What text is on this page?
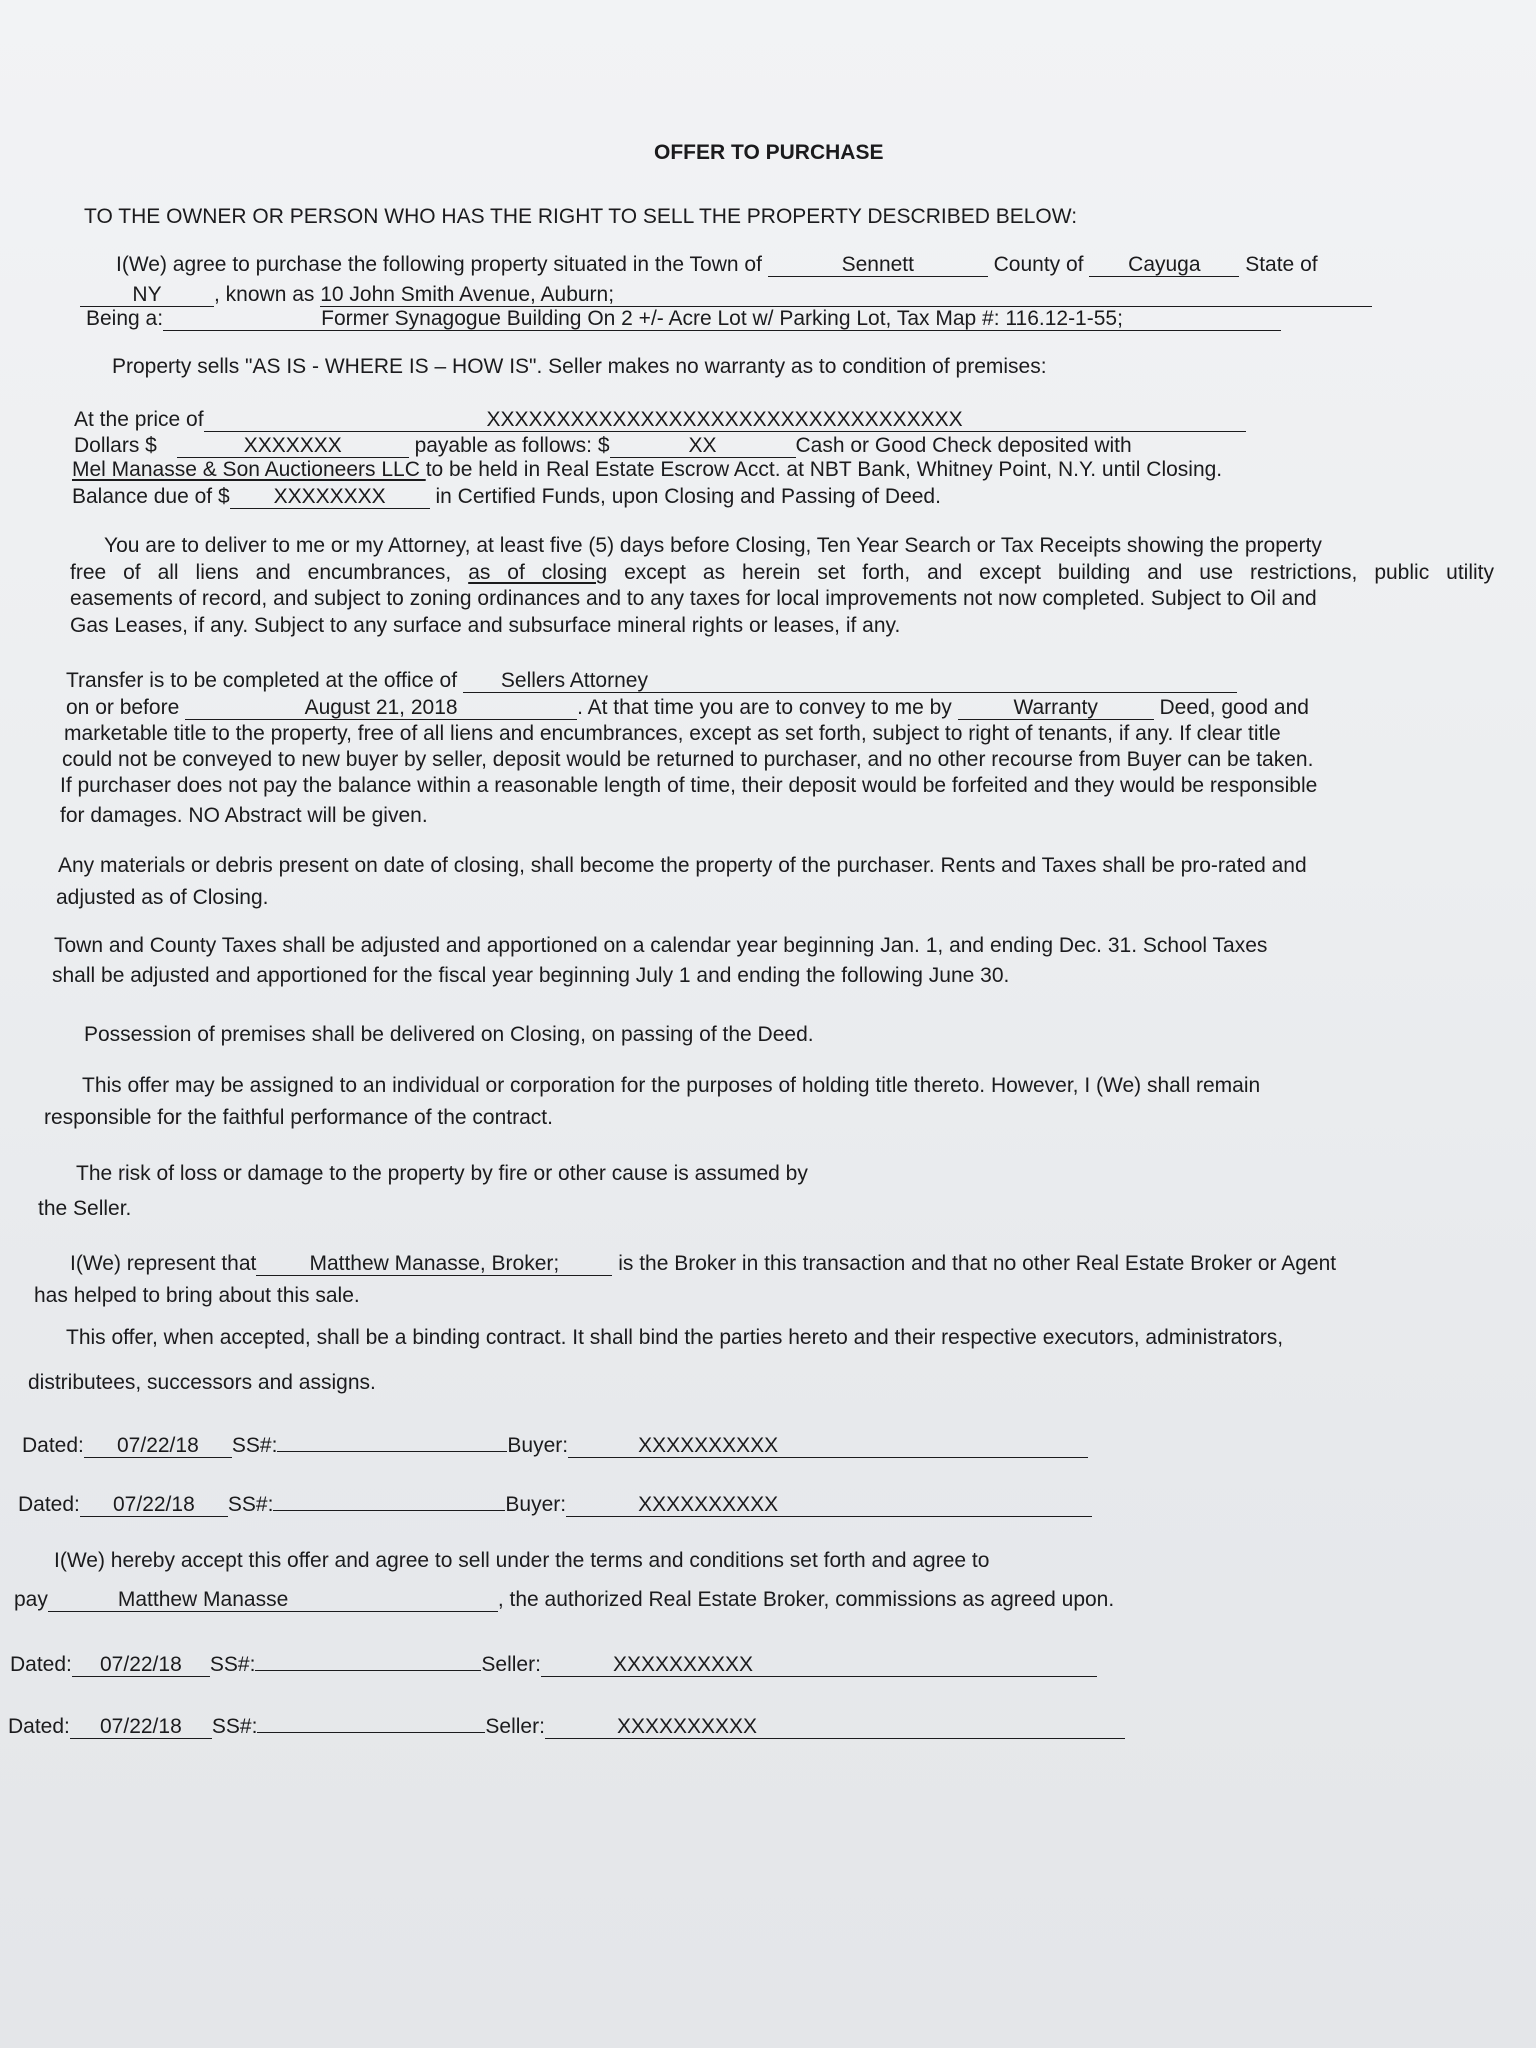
OFFER TO PURCHASE
TO THE OWNER OR PERSON WHO HAS THE RIGHT TO SELL THE PROPERTY DESCRIBED BELOW:
I(We) agree to purchase the following property situated in the Town of	Sennett	County of Cayuga State of
NY , known as 10 John Smith Avenue, Auburn;
Being a:	Former Synagogue Building On 2 +/- Acre Lot w/ Parking Lot, Tax Map #: 116.12-1-55;
Property sells "AS IS - WHERE IS – HOW IS". Seller makes no warranty as to condition of premises:
At the price of	XXXXXXXXXXXXXXXXXXXXXXXXXXXXXXXXXX
Dollars $	XXXXXXX	payable as follows: $	XX	Cash or Good Check deposited with
Mel Manasse & Son Auctioneers LLC to be held in Real Estate Escrow Acct. at NBT Bank, Whitney Point, N.Y. until Closing.
Balance due of $ XXXXXXXX in Certified Funds, upon Closing and Passing of Deed.
You are to deliver to me or my Attorney, at least five (5) days before Closing, Ten Year Search or Tax Receipts showing the property
free of all liens and encumbrances, as of closing except as herein set forth, and except building and use restrictions, public utility
easements of record, and subject to zoning ordinances and to any taxes for local improvements not now completed. Subject to Oil and
Gas Leases, if any. Subject to any surface and subsurface mineral rights or leases, if any.
Transfer is to be completed at the office of Sellers Attorney
on or before	August 21, 2018	. At that time you are to convey to me by	Warranty	Deed, good and
marketable title to the property, free of all liens and encumbrances, except as set forth, subject to right of tenants, if any. If clear title
could not be conveyed to new buyer by seller, deposit would be returned to purchaser, and no other recourse from Buyer can be taken.
If purchaser does not pay the balance within a reasonable length of time, their deposit would be forfeited and they would be responsible
for damages. NO Abstract will be given.
Any materials or debris present on date of closing, shall become the property of the purchaser. Rents and Taxes shall be pro-rated and
adjusted as of Closing.
Town and County Taxes shall be adjusted and apportioned on a calendar year beginning Jan. 1, and ending Dec. 31. School Taxes
shall be adjusted and apportioned for the fiscal year beginning July 1 and ending the following June 30.
Possession of premises shall be delivered on Closing, on passing of the Deed.
This offer may be assigned to an individual or corporation for the purposes of holding title thereto. However, I (We) shall remain
responsible for the faithful performance of the contract.
The risk of loss or damage to the property by fire or other cause is assumed by
the Seller.
I(We) represent that	Matthew Manasse, Broker;	is the Broker in this transaction and that no other Real Estate Broker or Agent
has helped to bring about this sale.
This offer, when accepted, shall be a binding contract. It shall bind the parties hereto and their respective executors, administrators,
distributees, successors and assigns.
Dated: 07/22/18 SS#:	Buyer:	XXXXXXXXXX
Dated: 07/22/18 SS#:	Buyer:	XXXXXXXXXX
I(We) hereby accept this offer and agree to sell under the terms and conditions set forth and agree to
pay	Matthew Manasse	, the authorized Real Estate Broker, commissions as agreed upon.
Dated: 07/22/18 SS#:	Seller:	XXXXXXXXXX
Dated: 07/22/18 SS#:	Seller:	XXXXXXXXXX
